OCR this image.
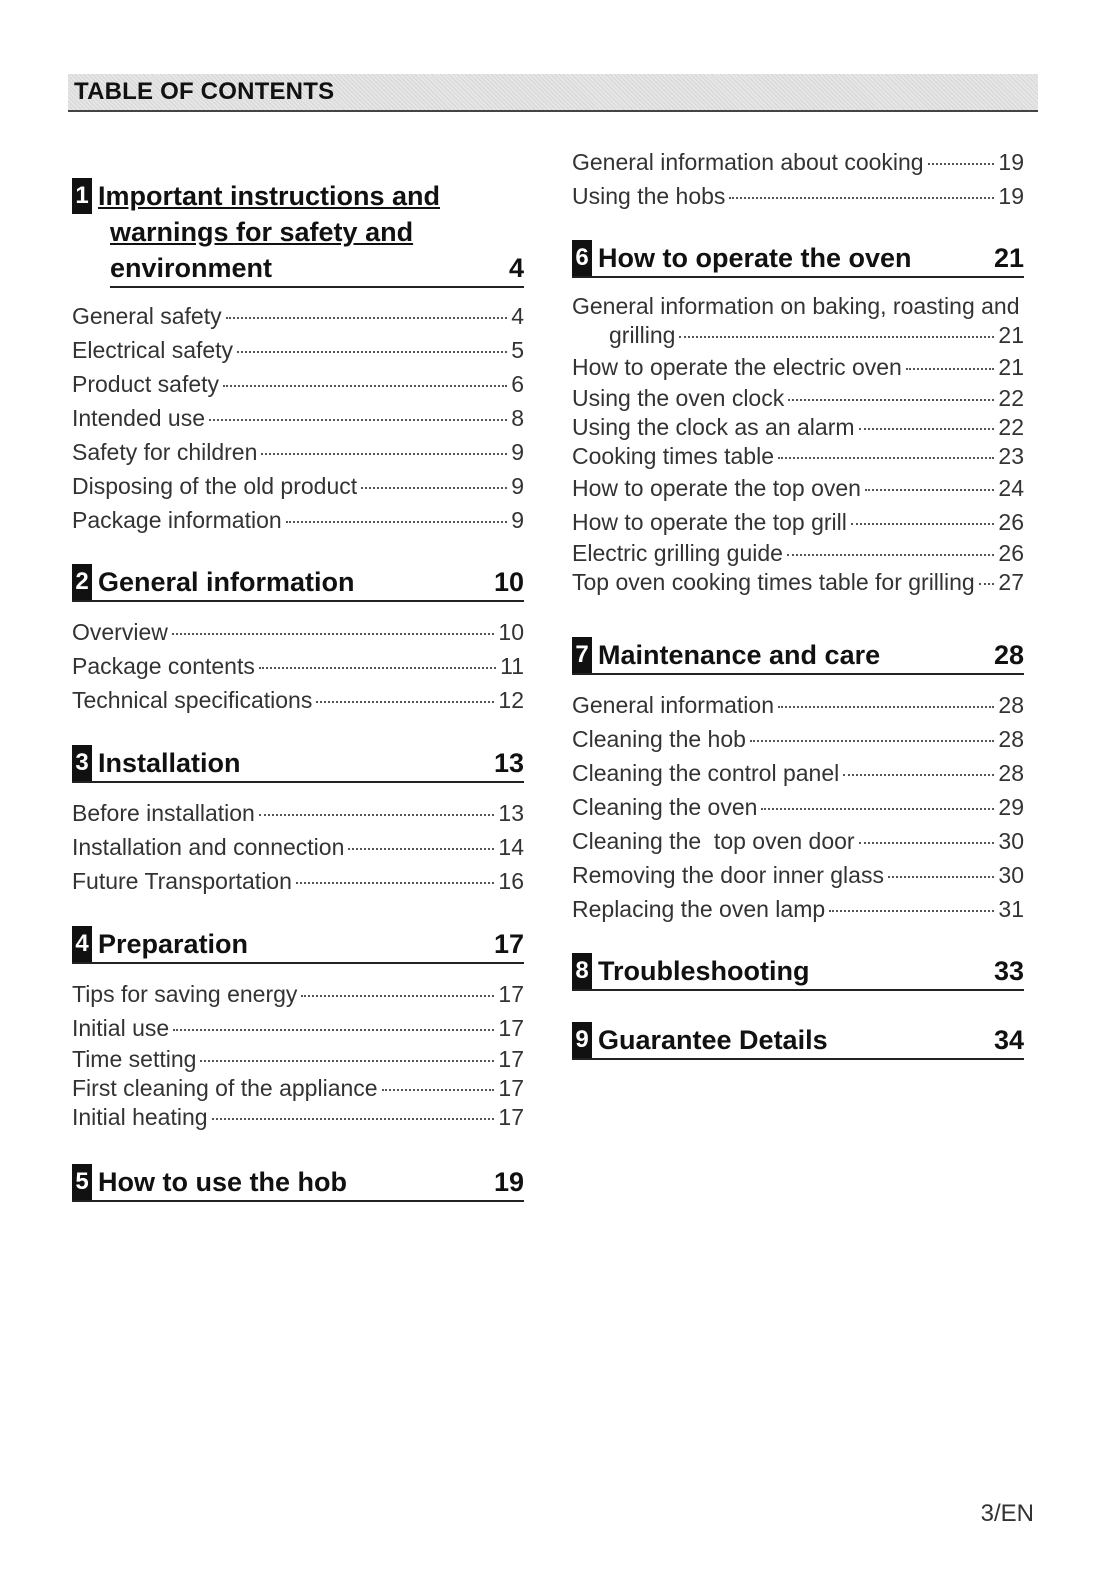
TABLE OF CONTENTS
1 Important instructions and
warnings for safety and
environment	4
General safety	4
Electrical safety	5
Product safety	6
Intended use	8
Safety for children	9
Disposing of the old product	9
Package information	9
2 General information	10
Overview	10
Package contents	11
Technical specifications	12
3 Installation	13
Before installation	13
Installation and connection	14
Future Transportation	16
4 Preparation	17
Tips for saving energy	17
Initial use	17
Time setting	17
First cleaning of the appliance	17
Initial heating	17
5 How to use the hob	19
General information about cooking	19
Using the hobs	19
6 How to operate the oven	21
General information on baking, roasting and
grilling	21
How to operate the electric oven	21
Using the oven clock	22
Using the clock as an alarm	22
Cooking times table	23
How to operate the top oven	24
How to operate the top grill	26
Electric grilling guide	26
Top oven cooking times table for grilling 27
7 Maintenance and care	28
General information	28
Cleaning the hob	28
Cleaning the control panel	28
Cleaning the oven	29
Cleaning the  top oven door	30
Removing the door inner glass	30
Replacing the oven lamp	31
8 Troubleshooting	33
9 Guarantee Details	34
3/EN
